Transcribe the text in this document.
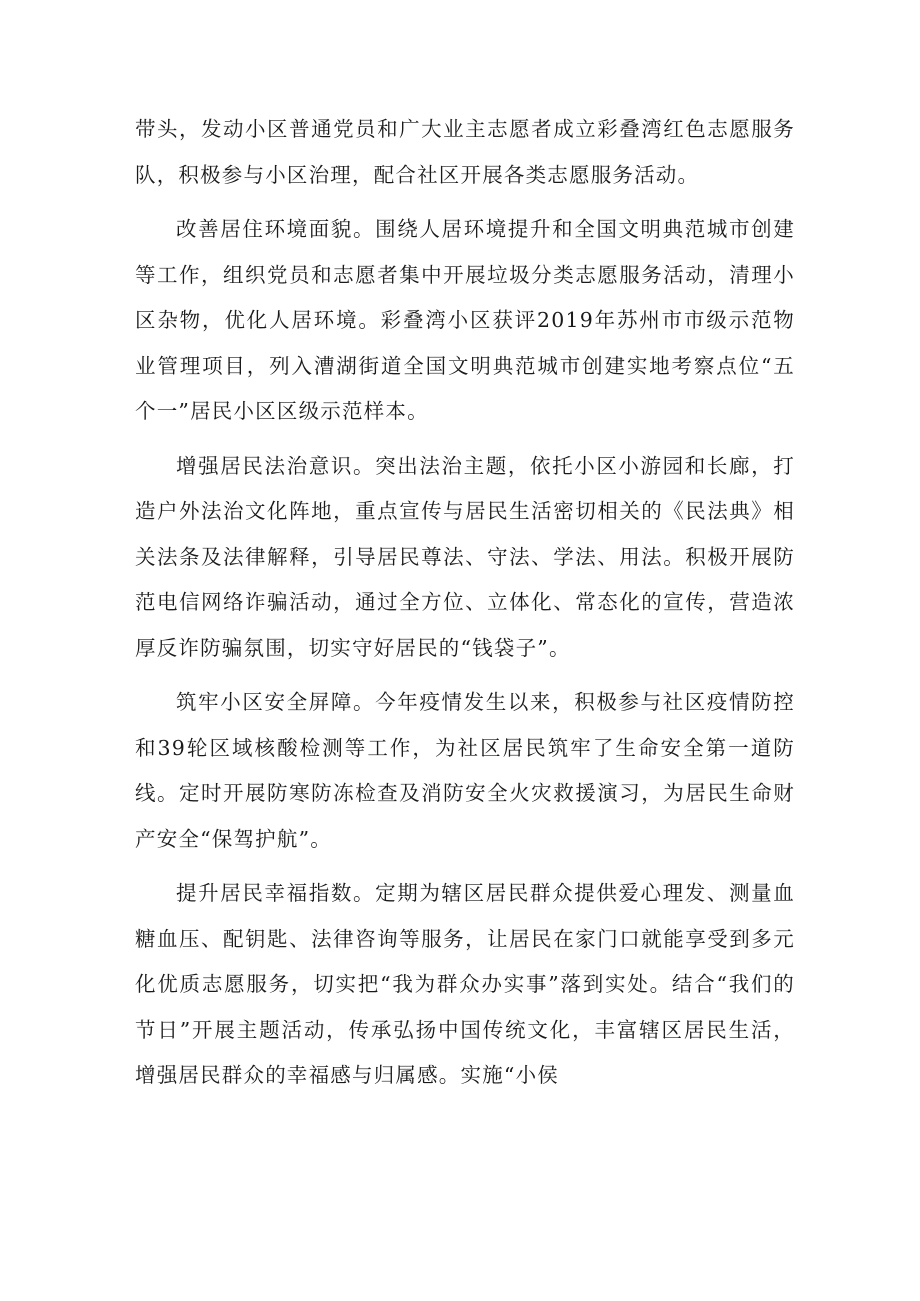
带头，发动小区普通党员和广大业主志愿者成立彩叠湾红色志愿服务队，积极参与小区治理，配合社区开展各类志愿服务活动。

改善居住环境面貌。围绕人居环境提升和全国文明典范城市创建等工作，组织党员和志愿者集中开展垃圾分类志愿服务活动，清理小区杂物，优化人居环境。彩叠湾小区获评2019年苏州市市级示范物业管理项目，列入漕湖街道全国文明典范城市创建实地考察点位“五个一”居民小区区级示范样本。

增强居民法治意识。突出法治主题，依托小区小游园和长廊，打造户外法治文化阵地，重点宣传与居民生活密切相关的《民法典》相关法条及法律解释，引导居民尊法、守法、学法、用法。积极开展防范电信网络诈骗活动，通过全方位、立体化、常态化的宣传，营造浓厚反诈防骗氛围，切实守好居民的“钱袋子”。

筑牢小区安全屏障。今年疫情发生以来，积极参与社区疫情防控和39轮区域核酸检测等工作，为社区居民筑牢了生命安全第一道防线。定时开展防寒防冻检查及消防安全火灾救援演习，为居民生命财产安全“保驾护航”。

提升居民幸福指数。定期为辖区居民群众提供爱心理发、测量血糖血压、配钥匙、法律咨询等服务，让居民在家门口就能享受到多元化优质志愿服务，切实把“我为群众办实事”落到实处。结合“我们的节日”开展主题活动，传承弘扬中国传统文化，丰富辖区居民生活，增强居民群众的幸福感与归属感。实施“小侯
